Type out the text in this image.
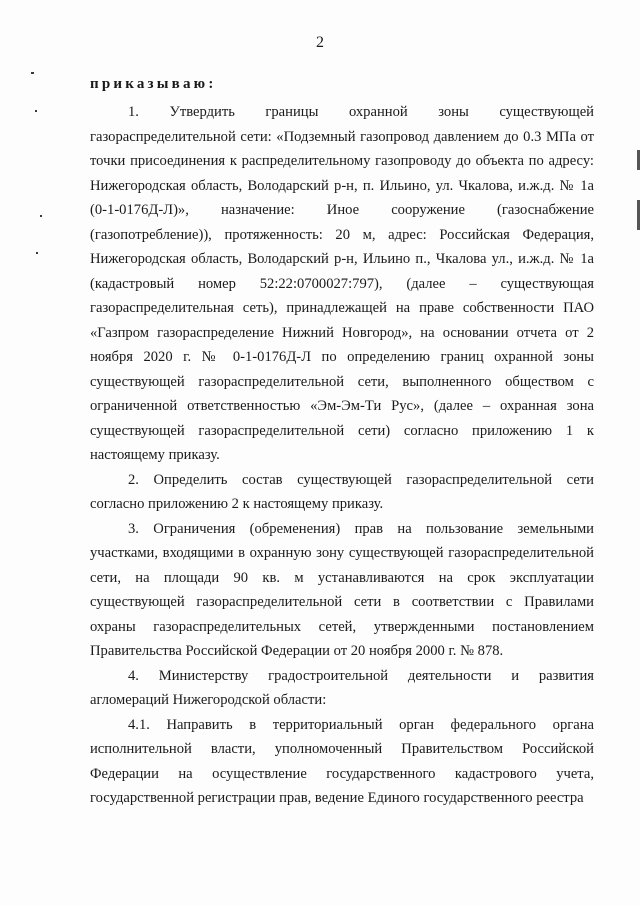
2
приказываю:

1. Утвердить границы охранной зоны существующей газораспределительной сети: «Подземный газопровод давлением до 0.3 МПа от точки присоединения к распределительному газопроводу до объекта по адресу: Нижегородская область, Володарский р-н, п. Ильино, ул. Чкалова, и.ж.д. № 1а (0-1-0176Д-Л)», назначение: Иное сооружение (газоснабжение (газопотребление)), протяженность: 20 м, адрес: Российская Федерация, Нижегородская область, Володарский р-н, Ильино п., Чкалова ул., и.ж.д. № 1а (кадастровый номер 52:22:0700027:797), (далее – существующая газораспределительная сеть), принадлежащей на праве собственности ПАО «Газпром газораспределение Нижний Новгород», на основании отчета от 2 ноября 2020 г. № 0-1-0176Д-Л по определению границ охранной зоны существующей газораспределительной сети, выполненного обществом с ограниченной ответственностью «Эм-Эм-Ти Рус», (далее – охранная зона существующей газораспределительной сети) согласно приложению 1 к настоящему приказу.

2. Определить состав существующей газораспределительной сети согласно приложению 2 к настоящему приказу.

3. Ограничения (обременения) прав на пользование земельными участками, входящими в охранную зону существующей газораспределительной сети, на площади 90 кв. м устанавливаются на срок эксплуатации существующей газораспределительной сети в соответствии с Правилами охраны газораспределительных сетей, утвержденными постановлением Правительства Российской Федерации от 20 ноября 2000 г. № 878.

4. Министерству градостроительной деятельности и развития агломераций Нижегородской области:

4.1. Направить в территориальный орган федерального органа исполнительной власти, уполномоченный Правительством Российской Федерации на осуществление государственного кадастрового учета, государственной регистрации прав, ведение Единого государственного реестра
